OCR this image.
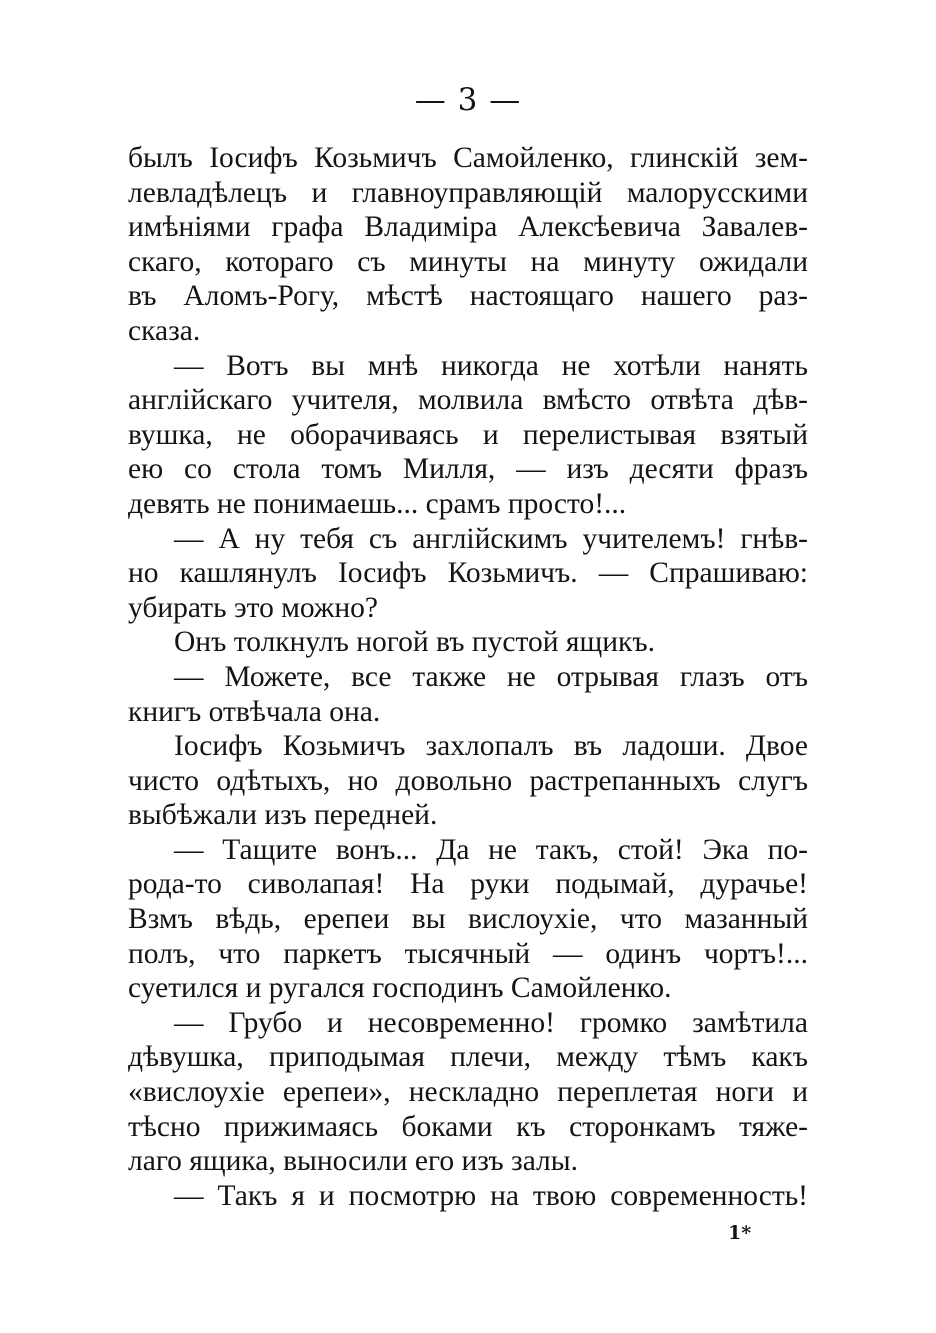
— 3 —
былъ Іосифъ Козьмичъ Самойленко, глинскій зем-
левладѣлецъ и главноуправляющій малорусскими
имѣніями графа Владиміра Алексѣевича Завалев-
скаго, котораго съ минуты на минуту ожидали
въ Аломъ-Рогу, мѣстѣ настоящаго нашего раз-
сказа.
— Вотъ вы мнѣ никогда не хотѣли нанять
англійскаго учителя, молвила вмѣсто отвѣта дѣв-
вушка, не оборачиваясь и перелистывая взятый
ею со стола томъ Милля, — изъ десяти фразъ
девять не понимаешь... срамъ просто!...
— А ну тебя съ англійскимъ учителемъ! гнѣв-
но кашлянулъ Іосифъ Козьмичъ. — Спрашиваю:
убирать это можно?
Онъ толкнулъ ногой въ пустой ящикъ.
— Можете, все также не отрывая глазъ отъ
книгъ отвѣчала она.
Іосифъ Козьмичъ захлопалъ въ ладоши. Двое
чисто одѣтыхъ, но довольно растрепанныхъ слугъ
выбѣжали изъ передней.
— Тащите вонъ... Да не такъ, стой! Эка по-
рода-то сиволапая! На руки подымай, дурачье!
Взмъ вѣдь, ерепеи вы вислоухіе, что мазанный
полъ, что паркетъ тысячный — одинъ чортъ!...
суетился и ругался господинъ Самойленко.
— Грубо и несовременно! громко замѣтила
дѣвушка, приподымая плечи, между тѣмъ какъ
«вислоухіе ерепеи», нескладно переплетая ноги и
тѣсно прижимаясь боками къ сторонкамъ тяже-
лаго ящика, выносили его изъ залы.
— Такъ я и посмотрю на твою современность!
1*
